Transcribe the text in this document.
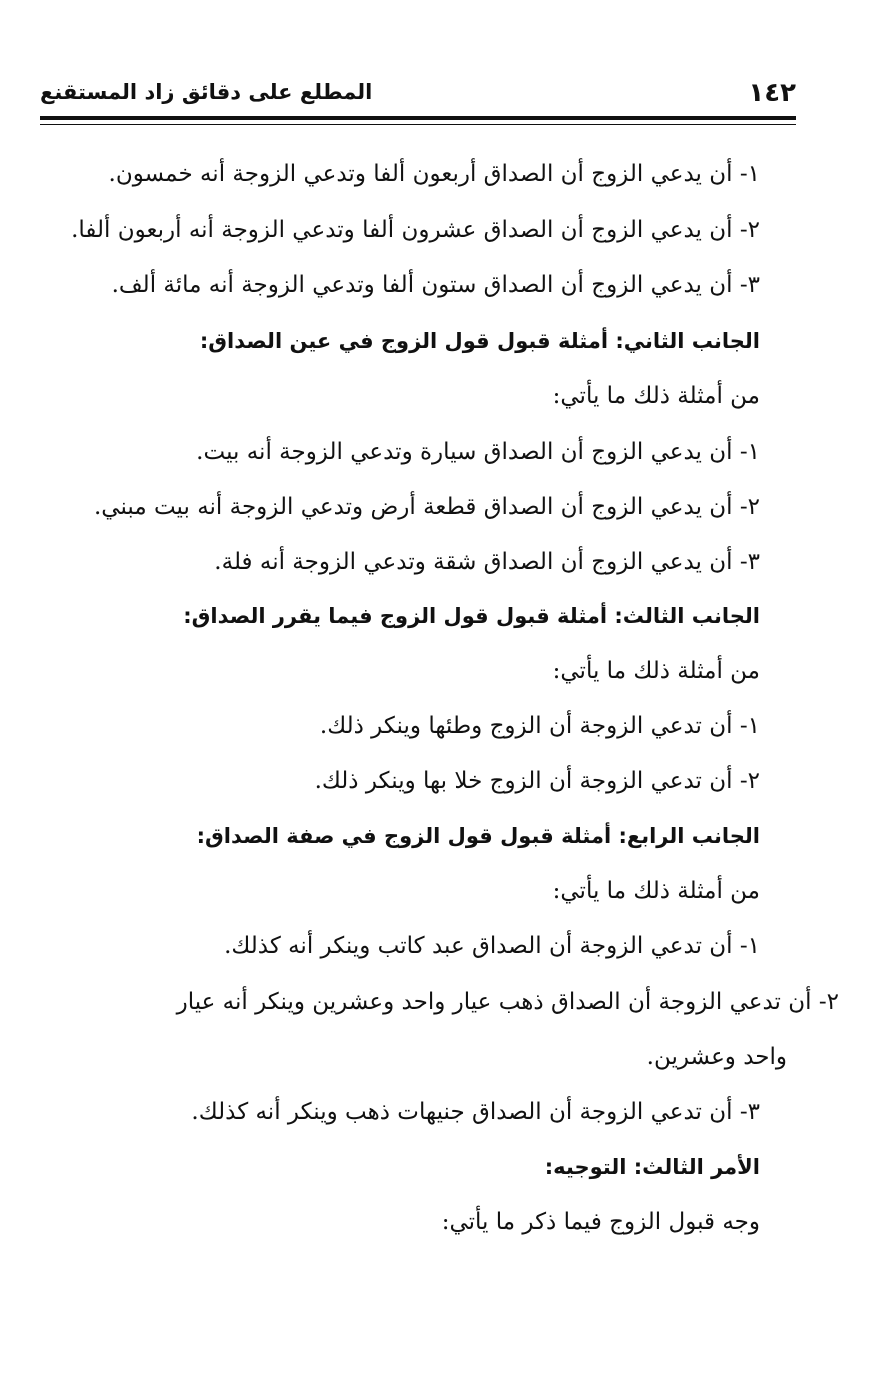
١٤٢
المطلع على دقائق زاد المستقنع
١- أن يدعي الزوج أن الصداق أربعون ألفا وتدعي الزوجة أنه خمسون.
٢- أن يدعي الزوج أن الصداق عشرون ألفا وتدعي الزوجة أنه أربعون ألفا.
٣- أن يدعي الزوج أن الصداق ستون ألفا وتدعي الزوجة أنه مائة ألف.
الجانب الثاني: أمثلة قبول قول الزوج في عين الصداق:
من أمثلة ذلك ما يأتي:
١- أن يدعي الزوج أن الصداق سيارة وتدعي الزوجة أنه بيت.
٢- أن يدعي الزوج أن الصداق قطعة أرض وتدعي الزوجة أنه بيت مبني.
٣- أن يدعي الزوج أن الصداق شقة وتدعي الزوجة أنه فلة.
الجانب الثالث: أمثلة قبول قول الزوج فيما يقرر الصداق:
من أمثلة ذلك ما يأتي:
١- أن تدعي الزوجة أن الزوج وطئها وينكر ذلك.
٢- أن تدعي الزوجة أن الزوج خلا بها وينكر ذلك.
الجانب الرابع: أمثلة قبول قول الزوج في صفة الصداق:
من أمثلة ذلك ما يأتي:
١- أن تدعي الزوجة أن الصداق عبد كاتب وينكر أنه كذلك.
٢- أن تدعي الزوجة أن الصداق ذهب عيار واحد وعشرين وينكر أنه عيار
واحد وعشرين.
٣- أن تدعي الزوجة أن الصداق جنيهات ذهب وينكر أنه كذلك.
الأمر الثالث: التوجيه:
وجه قبول الزوج فيما ذكر ما يأتي:
